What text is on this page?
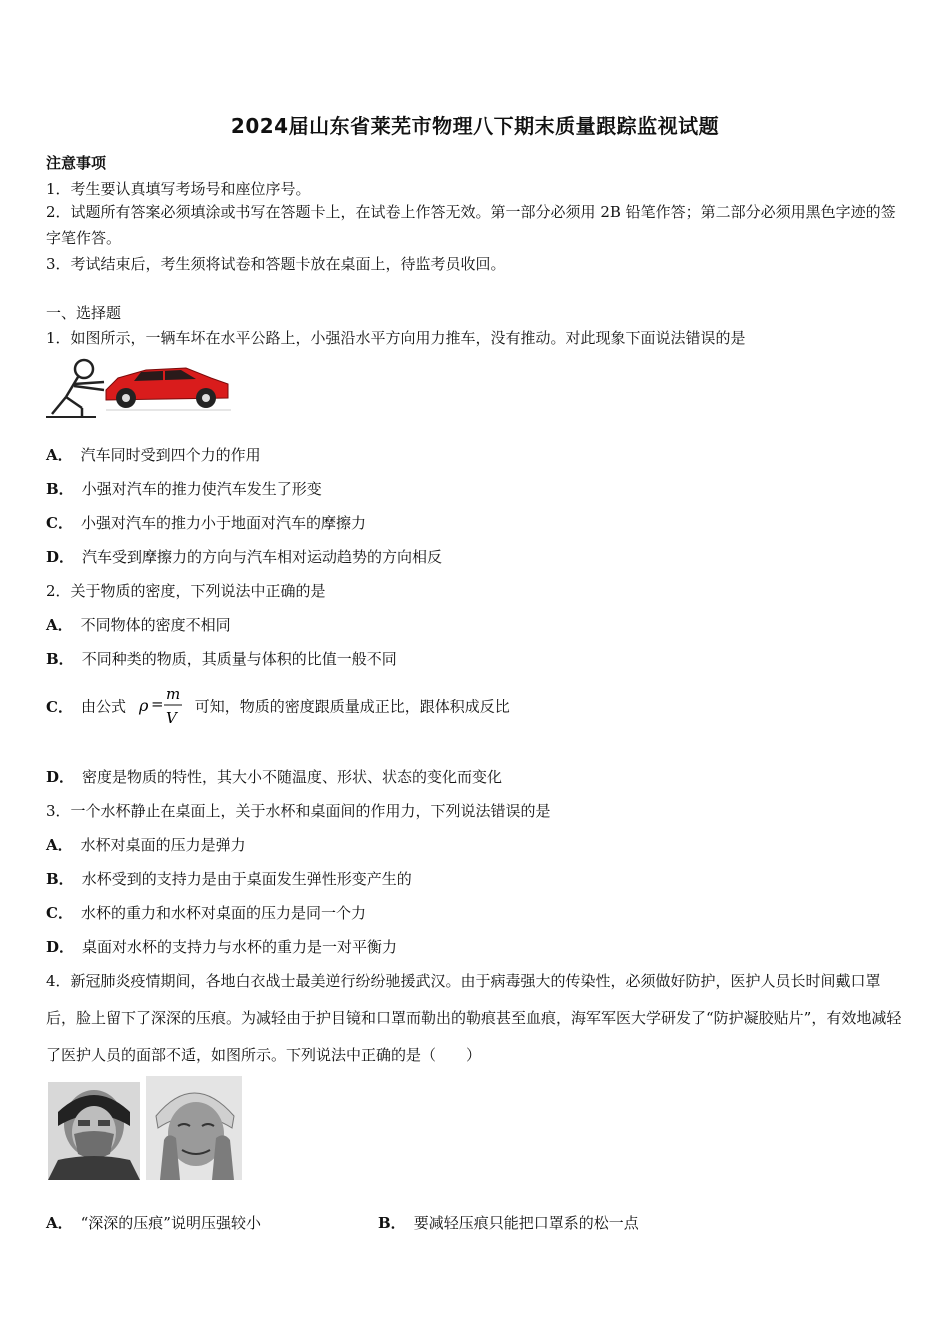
2024届山东省莱芜市物理八下期末质量跟踪监视试题
注意事项
1．考生要认真填写考场号和座位序号。
2．试题所有答案必须填涂或书写在答题卡上，在试卷上作答无效。第一部分必须用 2B 铅笔作答；第二部分必须用黑色字迹的签字笔作答。
3．考试结束后，考生须将试卷和答题卡放在桌面上，待监考员收回。
一、选择题
1．如图所示，一辆车坏在水平公路上，小强沿水平方向用力推车，没有推动。对此现象下面说法错误的是
A． 汽车同时受到四个力的作用
B． 小强对汽车的推力使汽车发生了形变
C． 小强对汽车的推力小于地面对汽车的摩擦力
D． 汽车受到摩擦力的方向与汽车相对运动趋势的方向相反
2．关于物质的密度，下列说法中正确的是
A． 不同物体的密度不相同
B． 不同种类的物质，其质量与体积的比值一般不同
C． 由公式 ρ =
m
V
可知，物质的密度跟质量成正比，跟体积成反比
D． 密度是物质的特性，其大小不随温度、形状、状态的变化而变化
3．一个水杯静止在桌面上，关于水杯和桌面间的作用力，下列说法错误的是
A． 水杯对桌面的压力是弹力
B． 水杯受到的支持力是由于桌面发生弹性形变产生的
C． 水杯的重力和水杯对桌面的压力是同一个力
D． 桌面对水杯的支持力与水杯的重力是一对平衡力
4．新冠肺炎疫情期间，各地白衣战士最美逆行纷纷驰援武汉。由于病毒强大的传染性，必须做好防护，医护人员长时间戴口罩后，脸上留下了深深的压痕。为减轻由于护目镜和口罩而勒出的勒痕甚至血痕，海军军医大学研发了“防护凝胶贴片”，有效地减轻了医护人员的面部不适，如图所示。下列说法中正确的是（　　）
A． “深深的压痕”说明压强较小	B． 要减轻压痕只能把口罩系的松一点
